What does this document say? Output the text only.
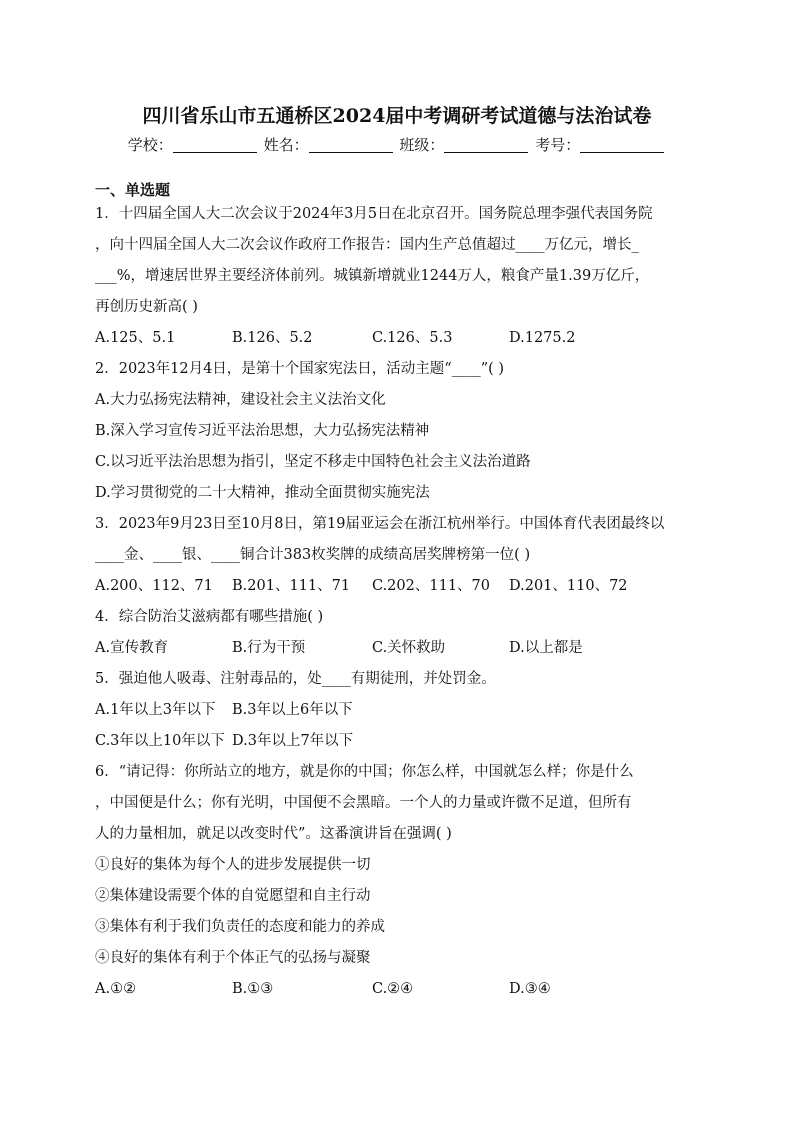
四川省乐山市五通桥区2024届中考调研考试道德与法治试卷
学校：	姓名：	班级：	考号：
一、单选题
1．十四届全国人大二次会议于2024年3月5日在北京召开。国务院总理李强代表国务院
，向十四届全国人大二次会议作政府工作报告：国内生产总值超过____万亿元，增长_
___%，增速居世界主要经济体前列。城镇新增就业1244万人，粮食产量1.39万亿斤，
再创历史新高( )
A.125、5.1	B.126、5.2	C.126、5.3	D.1275.2
2．2023年12月4日，是第十个国家宪法日，活动主题“____”( )
A.大力弘扬宪法精神，建设社会主义法治文化
B.深入学习宣传习近平法治思想，大力弘扬宪法精神
C.以习近平法治思想为指引，坚定不移走中国特色社会主义法治道路
D.学习贯彻党的二十大精神，推动全面贯彻实施宪法
3．2023年9月23日至10月8日，第19届亚运会在浙江杭州举行。中国体育代表团最终以
____金、____银、____铜合计383枚奖牌的成绩高居奖牌榜第一位( )
A.200、112、71 B.201、111、71 C.202、111、70 D.201、110、72
4．综合防治艾滋病都有哪些措施( )
A.宣传教育	B.行为干预	C.关怀救助	D.以上都是
5．强迫他人吸毒、注射毒品的，处____有期徒刑，并处罚金。
A.1年以上3年以下 B.3年以上6年以下
C.3年以上10年以下 D.3年以上7年以下
6．“请记得：你所站立的地方，就是你的中国；你怎么样，中国就怎么样；你是什么
，中国便是什么；你有光明，中国便不会黑暗。一个人的力量或许微不足道，但所有
人的力量相加，就足以改变时代”。这番演讲旨在强调( )
①良好的集体为每个人的进步发展提供一切
②集体建设需要个体的自觉愿望和自主行动
③集体有利于我们负责任的态度和能力的养成
④良好的集体有利于个体正气的弘扬与凝聚
A.①②	B.①③	C.②④	D.③④
